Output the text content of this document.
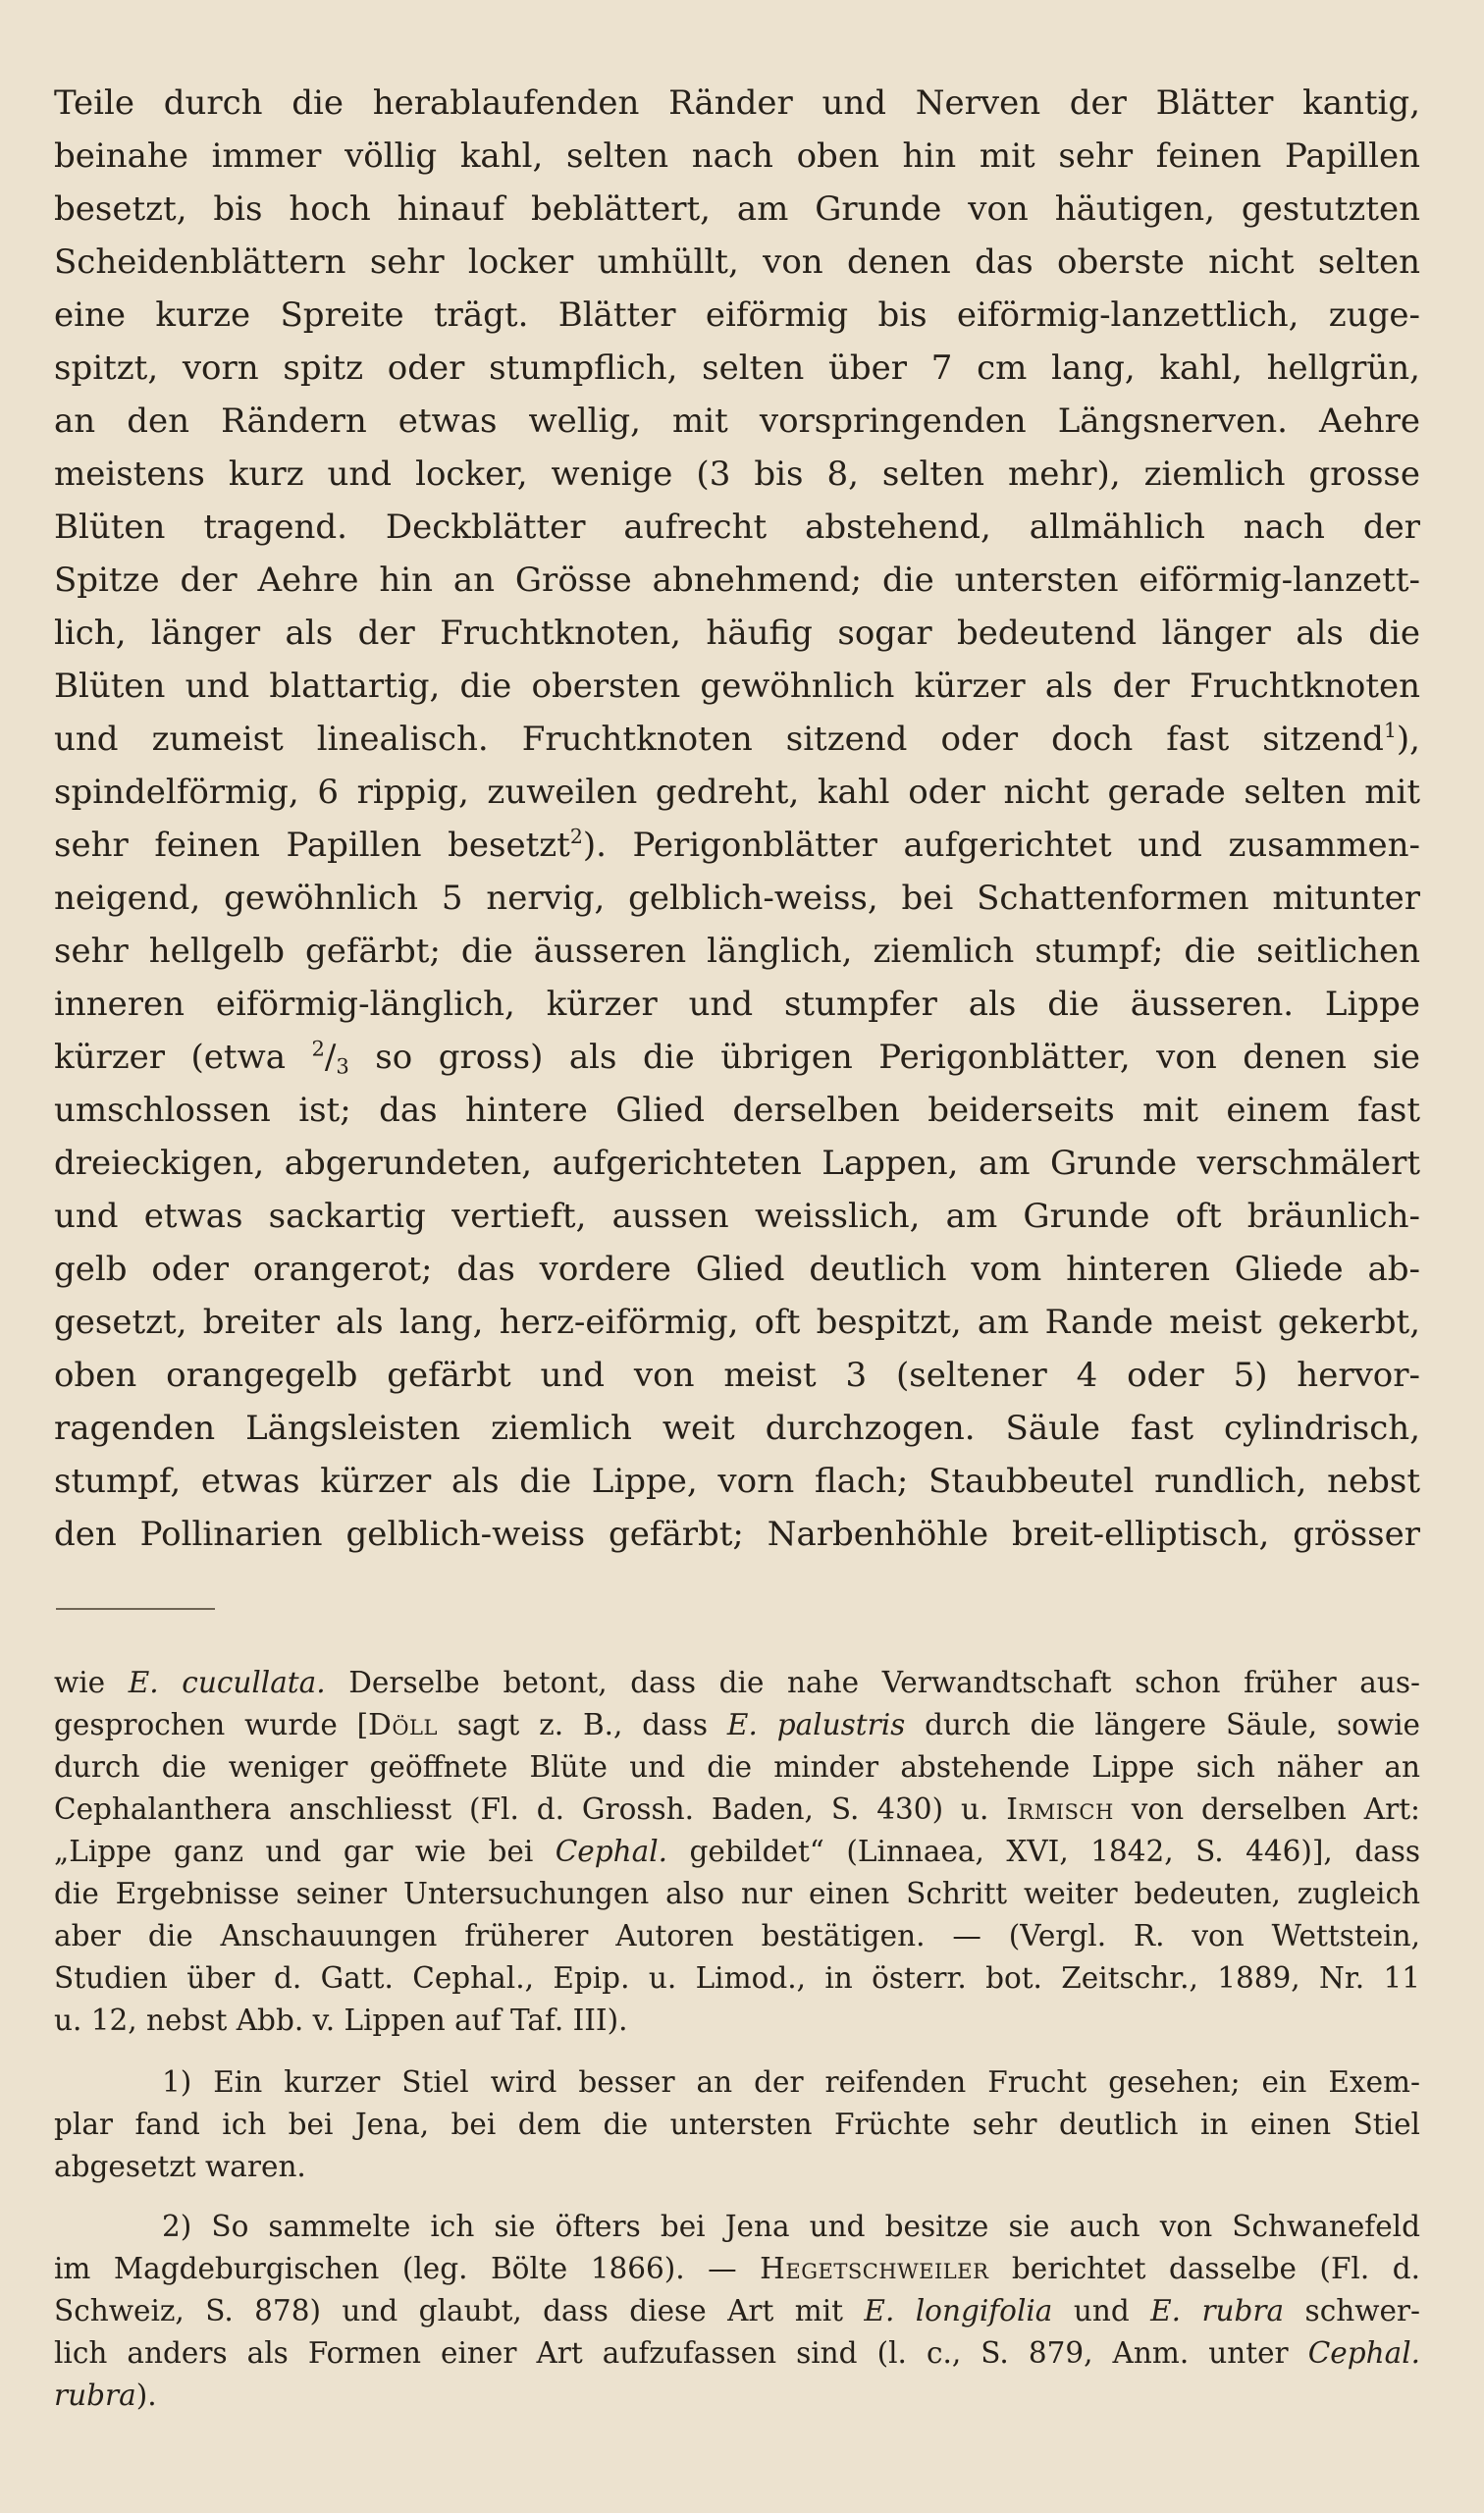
Teile durch die herablaufenden Ränder und Nerven der Blätter kantig,
beinahe immer völlig kahl, selten nach oben hin mit sehr feinen Papillen
besetzt, bis hoch hinauf beblättert, am Grunde von häutigen, gestutzten
Scheidenblättern sehr locker umhüllt, von denen das oberste nicht selten
eine kurze Spreite trägt. Blätter eiförmig bis eiförmig-lanzettlich, zuge-
spitzt, vorn spitz oder stumpflich, selten über 7 cm lang, kahl, hellgrün,
an den Rändern etwas wellig, mit vorspringenden Längsnerven. Aehre
meistens kurz und locker, wenige (3 bis 8, selten mehr), ziemlich grosse
Blüten tragend. Deckblätter aufrecht abstehend, allmählich nach der
Spitze der Aehre hin an Grösse abnehmend; die untersten eiförmig-lanzett-
lich, länger als der Fruchtknoten, häufig sogar bedeutend länger als die
Blüten und blattartig, die obersten gewöhnlich kürzer als der Fruchtknoten
und zumeist linealisch. Fruchtknoten sitzend oder doch fast sitzend$^1$),
spindelförmig, 6 rippig, zuweilen gedreht, kahl oder nicht gerade selten mit
sehr feinen Papillen besetzt$^2$). Perigonblätter aufgerichtet und zusammen-
neigend, gewöhnlich 5 nervig, gelblich-weiss, bei Schattenformen mitunter
sehr hellgelb gefärbt; die äusseren länglich, ziemlich stumpf; die seitlichen
inneren eiförmig-länglich, kürzer und stumpfer als die äusseren. Lippe
kürzer (etwa $^2$/3 so gross) als die übrigen Perigonblätter, von denen sie
umschlossen ist; das hintere Glied derselben beiderseits mit einem fast
dreieckigen, abgerundeten, aufgerichteten Lappen, am Grunde verschmälert
und etwas sackartig vertieft, aussen weisslich, am Grunde oft bräunlich-
gelb oder orangerot; das vordere Glied deutlich vom hinteren Gliede ab-
gesetzt, breiter als lang, herz-eiförmig, oft bespitzt, am Rande meist gekerbt,
oben orangegelb gefärbt und von meist 3 (seltener 4 oder 5) hervor-
ragenden Längsleisten ziemlich weit durchzogen. Säule fast cylindrisch,
stumpf, etwas kürzer als die Lippe, vorn flach; Staubbeutel rundlich, nebst
den Pollinarien gelblich-weiss gefärbt; Narbenhöhle breit-elliptisch, grösser
wie E. cucullata. Derselbe betont, dass die nahe Verwandtschaft schon früher aus-
gesprochen wurde [Döll sagt z. B., dass E. palustris durch die längere Säule, sowie
durch die weniger geöffnete Blüte und die minder abstehende Lippe sich näher an
Cephalanthera anschliesst (Fl. d. Grossh. Baden, S. 430) u. Irmisch von derselben Art:
„Lippe ganz und gar wie bei Cephal. gebildet“ (Linnaea, XVI, 1842, S. 446)], dass
die Ergebnisse seiner Untersuchungen also nur einen Schritt weiter bedeuten, zugleich
aber die Anschauungen früherer Autoren bestätigen. — (Vergl. R. von Wettstein,
Studien über d. Gatt. Cephal., Epip. u. Limod., in österr. bot. Zeitschr., 1889, Nr. 11
u. 12, nebst Abb. v. Lippen auf Taf. III).
1) Ein kurzer Stiel wird besser an der reifenden Frucht gesehen; ein Exem-
plar fand ich bei Jena, bei dem die untersten Früchte sehr deutlich in einen Stiel
abgesetzt waren.
2) So sammelte ich sie öfters bei Jena und besitze sie auch von Schwanefeld
im Magdeburgischen (leg. Bölte 1866). — Hegetschweiler berichtet dasselbe (Fl. d.
Schweiz, S. 878) und glaubt, dass diese Art mit E. longifolia und E. rubra schwer-
lich anders als Formen einer Art aufzufassen sind (l. c., S. 879, Anm. unter Cephal.
rubra).
